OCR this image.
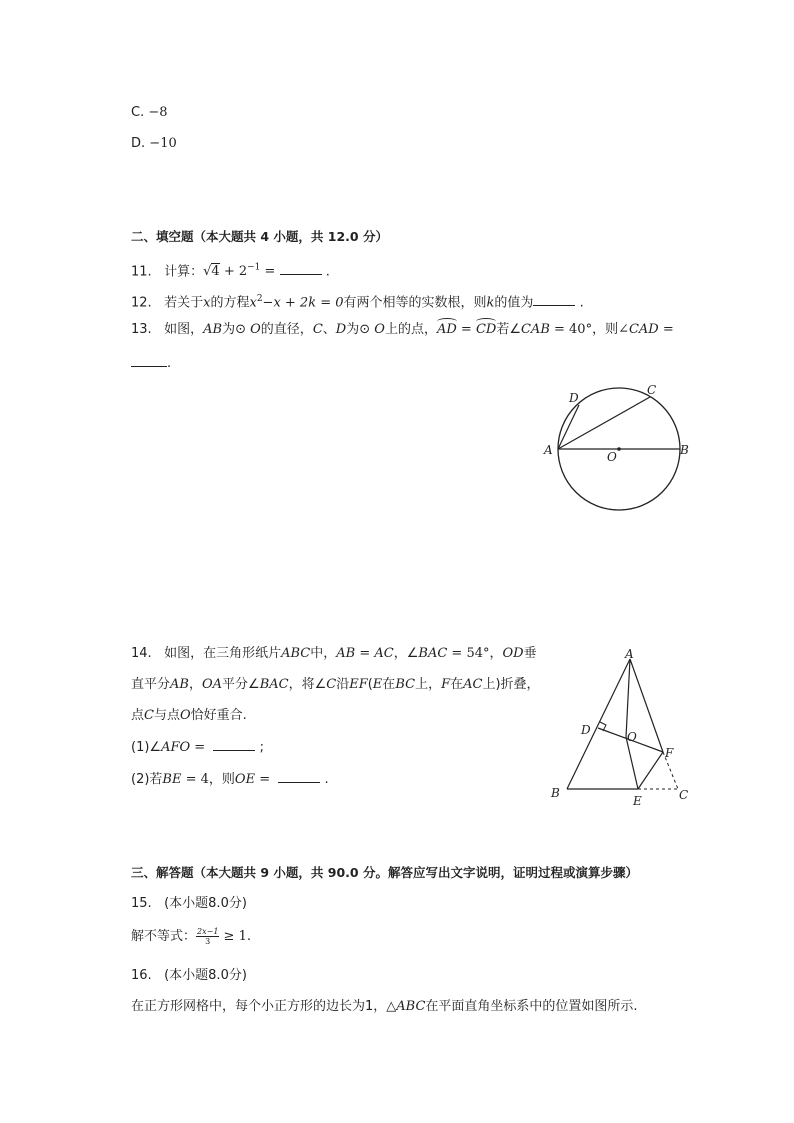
C. −8
D. −10
二、填空题（本大题共 4 小题，共 12.0 分）
11. 计算：$√4 + 2^{-1}$ =	.
12. 若关于x的方程$x^2-x + 2k = 0$有两个相等的实数根，则k的值为	.
13. 如图，AB为⊙ O的直径，C、D为⊙ O上的点，AD = CD若∠CAB = 40°，则∠CAD =
.
A	B
C
D
O
14. 如图，在三角形纸片ABC中，AB = AC，∠BAC = 54°，OD垂
直平分AB，OA平分∠BAC，将∠C沿EF(E在BC上，F在AC上)折叠，
点C与点O恰好重合.
(1)∠AFO =	;
(2)若BE = 4，则OE =	.
A
B	C
D
E
F
O
三、解答题（本大题共 9 小题，共 90.0 分。解答应写出文字说明，证明过程或演算步骤）
15. (本小题8.0分)
解不等式： $\frac{2x-1}{3} \ge 1$.
16. (本小题8.0分)
在正方形网格中，每个小正方形的边长为1，△ABC在平面直角坐标系中的位置如图所示.
